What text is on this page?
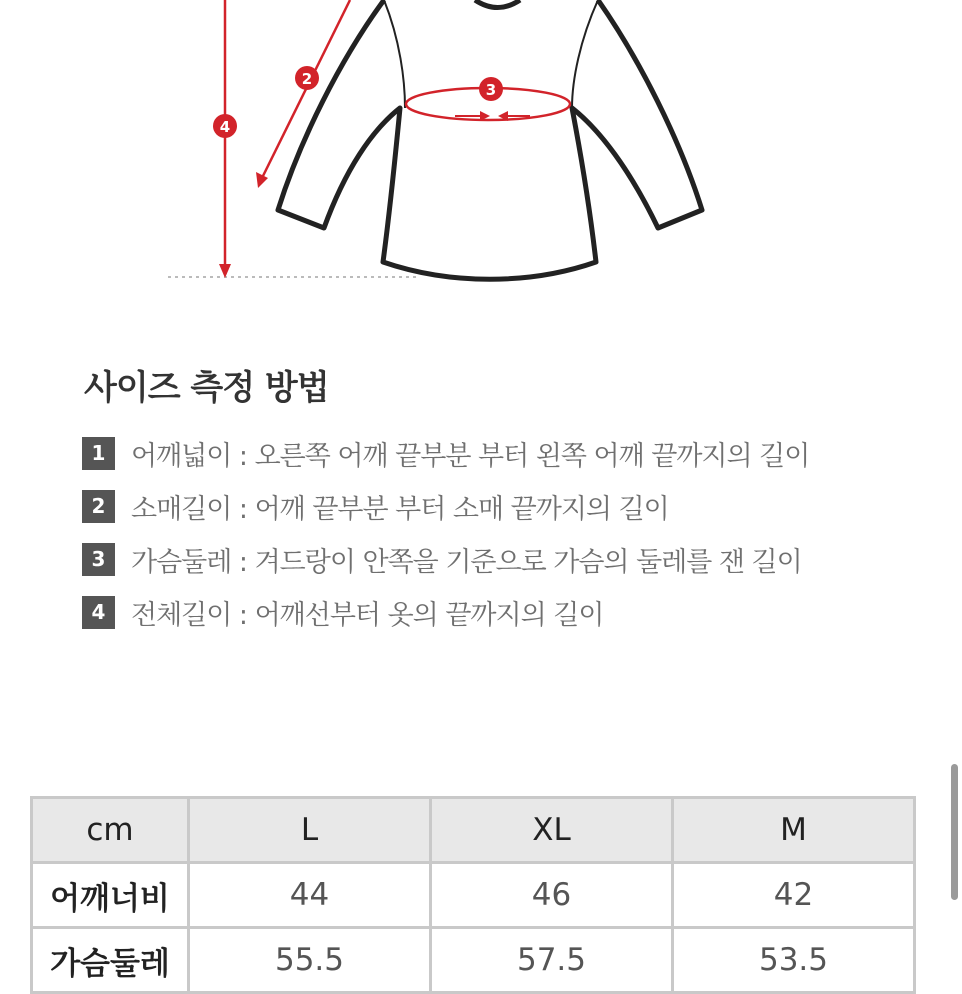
2
3
4
사이즈 측정 방법
1 어깨넓이 : 오른쪽 어깨 끝부분 부터 왼쪽 어깨 끝까지의 길이
2 소매길이 : 어깨 끝부분 부터 소매 끝까지의 길이
3 가슴둘레 : 겨드랑이 안쪽을 기준으로 가슴의 둘레를 잰 길이
4 전체길이 : 어깨선부터 옷의 끝까지의 길이
cm	L	XL	M
어깨너비	44	46	42
가슴둘레	55.5	57.5	53.5
